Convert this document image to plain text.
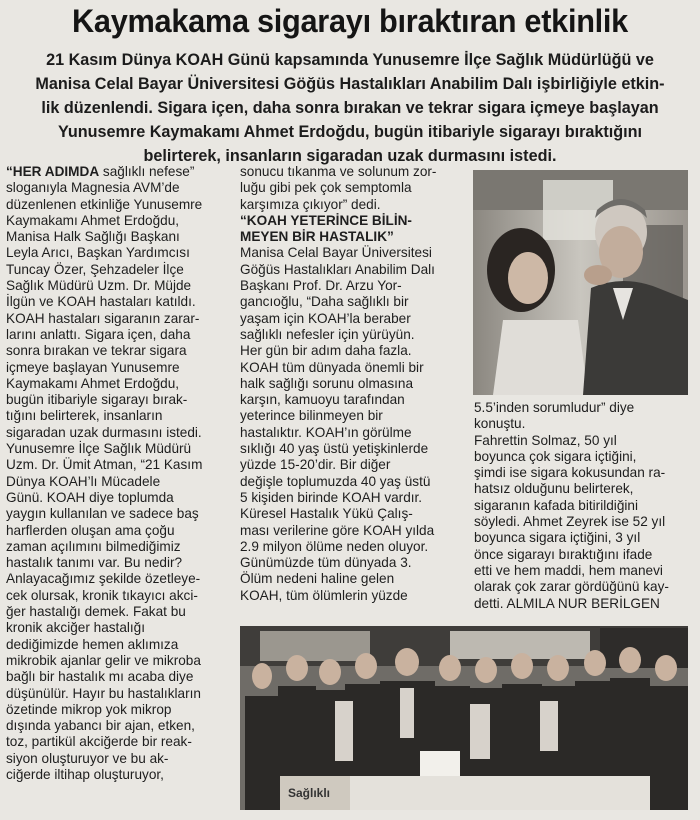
Kaymakama sigarayı bıraktıran etkinlik
21 Kasım Dünya KOAH Günü kapsamında Yunusemre İlçe Sağlık Müdürlüğü ve
Manisa Celal Bayar Üniversitesi Göğüs Hastalıkları Anabilim Dalı işbirliğiyle etkin-
lik düzenlendi. Sigara içen, daha sonra bırakan ve tekrar sigara içmeye başlayan
Yunusemre Kaymakamı Ahmet Erdoğdu, bugün itibariyle sigarayı bıraktığını
belirterek, insanların sigaradan uzak durmasını istedi.
“HER ADIMDA sağlıklı nefese”
sloganıyla Magnesia AVM’de
düzenlenen etkinliğe Yunusemre
Kaymakamı Ahmet Erdoğdu,
Manisa Halk Sağlığı Başkanı
Leyla Arıcı, Başkan Yardımcısı
Tuncay Özer, Şehzadeler İlçe
Sağlık Müdürü Uzm. Dr. Müjde
İlgün ve KOAH hastaları katıldı.
KOAH hastaları sigaranın zarar-
larını anlattı. Sigara içen, daha
sonra bırakan ve tekrar sigara
içmeye başlayan Yunusemre
Kaymakamı Ahmet Erdoğdu,
bugün itibariyle sigarayı bırak-
tığını belirterek, insanların
sigaradan uzak durmasını istedi.
Yunusemre İlçe Sağlık Müdürü
Uzm. Dr. Ümit Atman, “21 Kasım
Dünya KOAH’lı Mücadele
Günü. KOAH diye toplumda
yaygın kullanılan ve sadece baş
harflerden oluşan ama çoğu
zaman açılımını bilmediğimiz
hastalık tanımı var. Bu nedir?
Anlayacağımız şekilde özetleye-
cek olursak, kronik tıkayıcı akci-
ğer hastalığı demek. Fakat bu
kronik akciğer hastalığı
dediğimizde hemen aklımıza
mikrobik ajanlar gelir ve mikroba
bağlı bir hastalık mı acaba diye
düşünülür. Hayır bu hastalıkların
özetinde mikrop yok mikrop
dışında yabancı bir ajan, etken,
toz, partikül akciğerde bir reak-
siyon oluşturuyor ve bu ak-
ciğerde iltihap oluşturuyor,
sonucu tıkanma ve solunum zor-
luğu gibi pek çok semptomla
karşımıza çıkıyor” dedi.
“KOAH YETERİNCE BİLİN-
MEYEN BİR HASTALIK”
Manisa Celal Bayar Üniversitesi
Göğüs Hastalıkları Anabilim Dalı
Başkanı Prof. Dr. Arzu Yor-
gancıoğlu, “Daha sağlıklı bir
yaşam için KOAH’la beraber
sağlıklı nefesler için yürüyün.
Her gün bir adım daha fazla.
KOAH tüm dünyada önemli bir
halk sağlığı sorunu olmasına
karşın, kamuoyu tarafından
yeterince bilinmeyen bir
hastalıktır. KOAH’ın görülme
sıklığı 40 yaş üstü yetişkinlerde
yüzde 15-20’dir. Bir diğer
değişle toplumuzda 40 yaş üstü
5 kişiden birinde KOAH vardır.
Küresel Hastalık Yükü Çalış-
ması verilerine göre KOAH yılda
2.9 milyon ölüme neden oluyor.
Günümüzde tüm dünyada 3.
Ölüm nedeni haline gelen
KOAH, tüm ölümlerin yüzde
5.5’inden sorumludur” diye
konuştu.
Fahrettin Solmaz, 50 yıl
boyunca çok sigara içtiğini,
şimdi ise sigara kokusundan ra-
hatsız olduğunu belirterek,
sigaranın kafada bitirildiğini
söyledi. Ahmet Zeyrek ise 52 yıl
boyunca sigara içtiğini, 3 yıl
önce sigarayı bıraktığını ifade
etti ve hem maddi, hem manevi
olarak çok zarar gördüğünü kay-
detti. ALMILA NUR BERİLGEN
Sağlıklı
